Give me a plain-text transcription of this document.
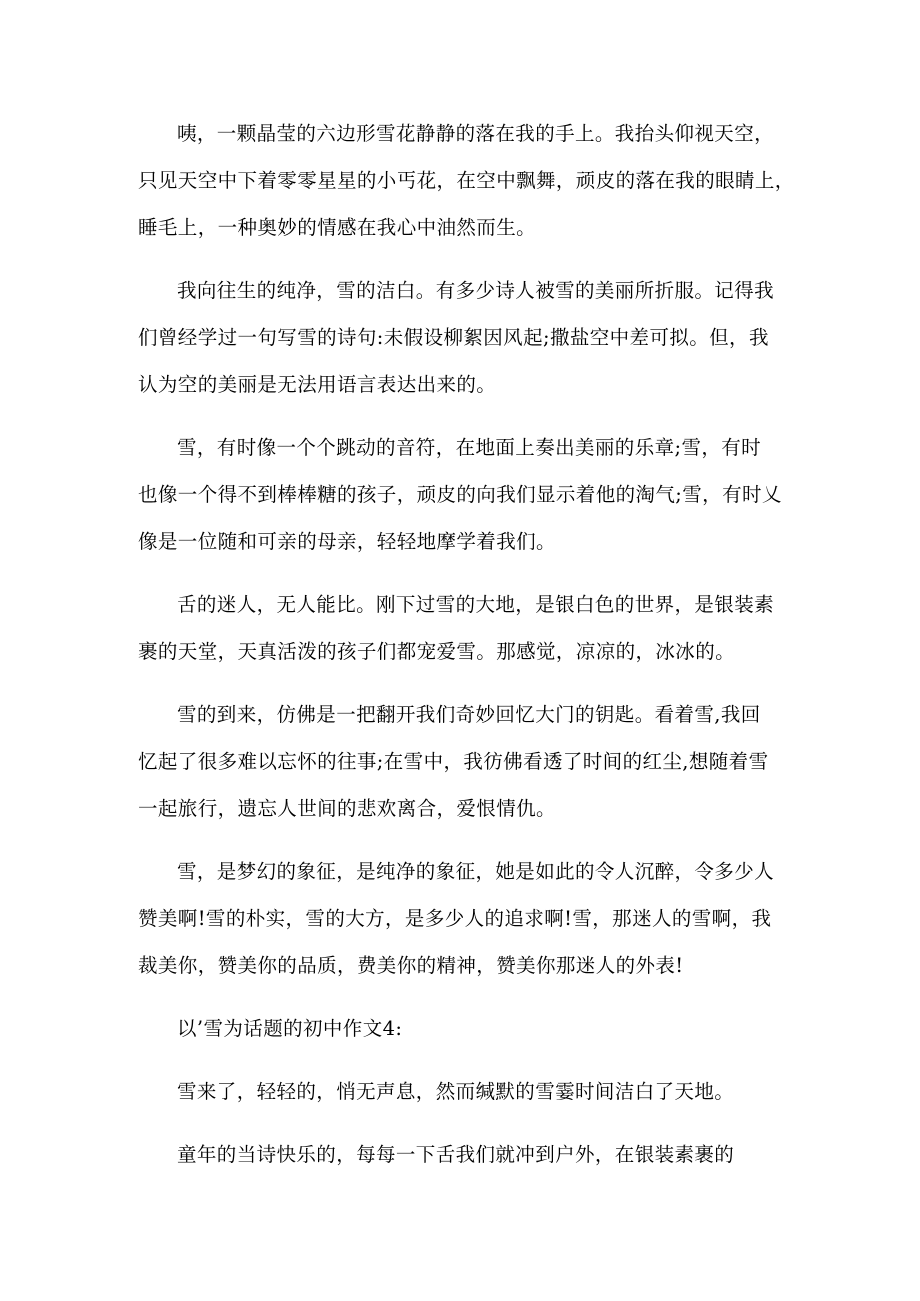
咦，一颗晶莹的六边形雪花静静的落在我的手上。我抬头仰视天空，
只见天空中下着零零星星的小丐花，在空中飘舞，顽皮的落在我的眼睛上，
睡毛上，一种奥妙的情感在我心中油然而生。

我向往生的纯净，雪的洁白。有多少诗人被雪的美丽所折服。记得我
们曾经学过一句写雪的诗句:未假设柳絮因风起;撒盐空中差可拟。但，我
认为空的美丽是无法用语言表达出来的。

雪，有时像一个个跳动的音符，在地面上奏出美丽的乐章;雪，有时
也像一个得不到棒棒糖的孩子，顽皮的向我们显示着他的淘气;雪，有时乂
像是一位随和可亲的母亲，轻轻地摩学着我们。

舌的迷人，无人能比。刚下过雪的大地，是银白色的世界，是银装素
裹的天堂，天真活泼的孩子们都宠爱雪。那感觉，凉凉的，冰冰的。

雪的到来，仿佛是一把翻开我们奇妙回忆大门的钥匙。看着雪,我回
忆起了很多难以忘怀的往事;在雪中，我彷佛看透了时间的红尘,想随着雪
一起旅行，遗忘人世间的悲欢离合，爱恨情仇。

雪，是梦幻的象征，是纯净的象征，她是如此的令人沉醉，令多少人
赞美啊!雪的朴实，雪的大方，是多少人的追求啊!雪，那迷人的雪啊，我
裁美你，赞美你的品质，费美你的精神，赞美你那迷人的外表!

以’雪为话题的初中作文4:

雪来了，轻轻的，悄无声息，然而缄默的雪霎时间洁白了天地。

童年的当诗快乐的，每每一下舌我们就冲到户外，在银装素裹的
